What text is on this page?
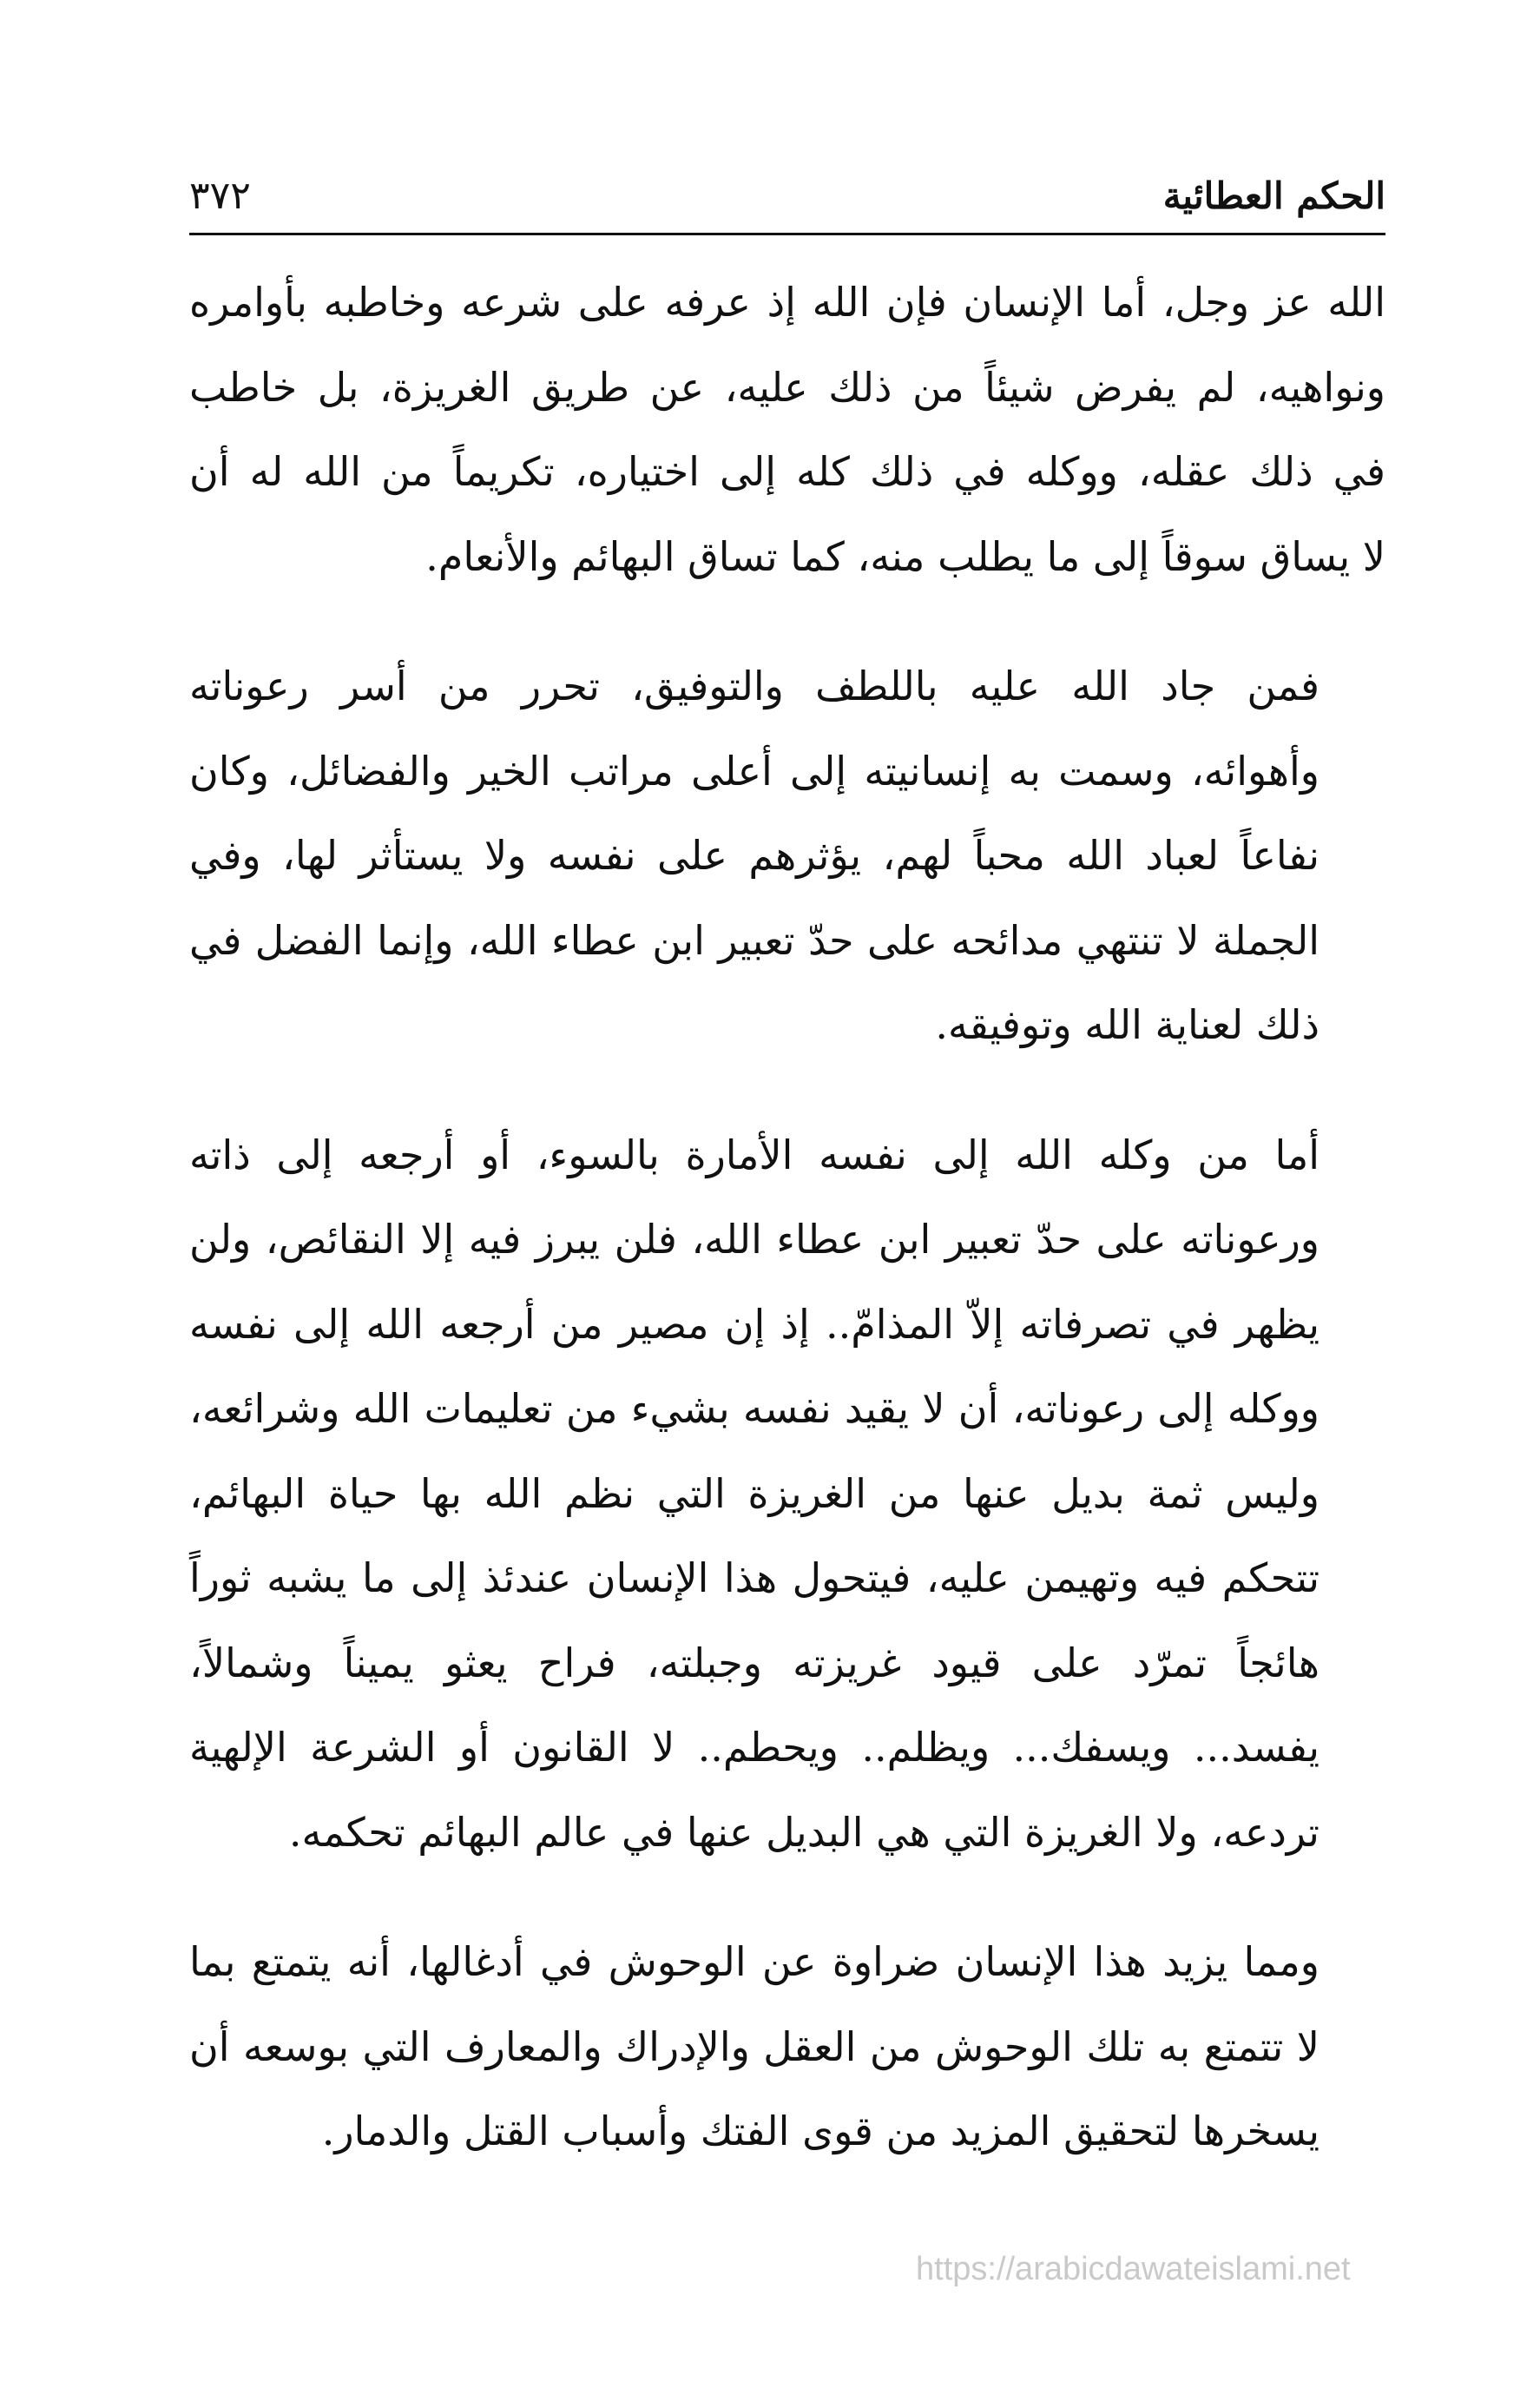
الحكم العطائية
٣٧٢

الله عز وجل، أما الإنسان فإن الله إذ عرفه على شرعه وخاطبه بأوامره
ونواهيه، لم يفرض شيئاً من ذلك عليه، عن طريق الغريزة، بل خاطب
في ذلك عقله، ووكله في ذلك كله إلى اختياره، تكريماً من الله له أن
لا يساق سوقاً إلى ما يطلب منه، كما تساق البهائم والأنعام.

فمن جاد الله عليه باللطف والتوفيق، تحرر من أسر رعوناته
وأهوائه، وسمت به إنسانيته إلى أعلى مراتب الخير والفضائل، وكان
نفاعاً لعباد الله محباً لهم، يؤثرهم على نفسه ولا يستأثر لها، وفي
الجملة لا تنتهي مدائحه على حدّ تعبير ابن عطاء الله، وإنما الفضل في
ذلك لعناية الله وتوفيقه.

أما من وكله الله إلى نفسه الأمارة بالسوء، أو أرجعه إلى ذاته
ورعوناته على حدّ تعبير ابن عطاء الله، فلن يبرز فيه إلا النقائص، ولن
يظهر في تصرفاته إلاّ المذامّ.. إذ إن مصير من أرجعه الله إلى نفسه
ووكله إلى رعوناته، أن لا يقيد نفسه بشيء من تعليمات الله وشرائعه،
وليس ثمة بديل عنها من الغريزة التي نظم الله بها حياة البهائم،
تتحكم فيه وتهيمن عليه، فيتحول هذا الإنسان عندئذ إلى ما يشبه ثوراً
هائجاً تمرّد على قيود غريزته وجبلته، فراح يعثو يميناً وشمالاً،
يفسد... ويسفك... ويظلم.. ويحطم.. لا القانون أو الشرعة الإلهية
تردعه، ولا الغريزة التي هي البديل عنها في عالم البهائم تحكمه.

ومما يزيد هذا الإنسان ضراوة عن الوحوش في أدغالها، أنه يتمتع بما
لا تتمتع به تلك الوحوش من العقل والإدراك والمعارف التي بوسعه أن
يسخرها لتحقيق المزيد من قوى الفتك وأسباب القتل والدمار.

https://arabicdawateislami.net
